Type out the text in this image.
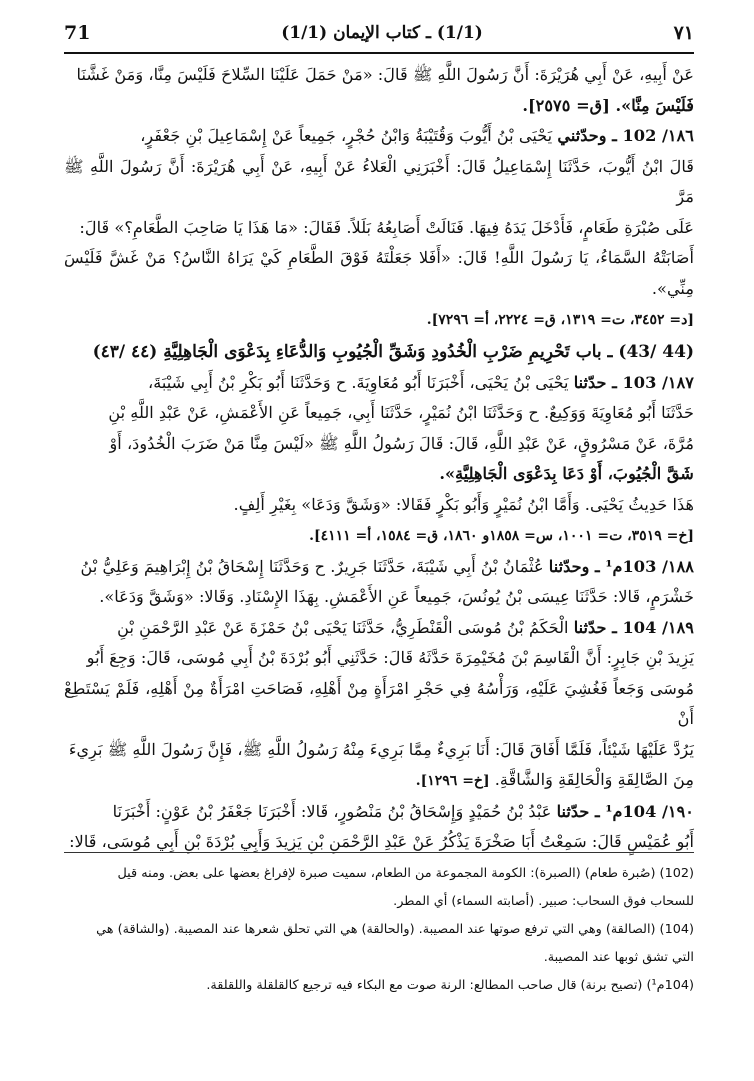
71	(1/1) ـ كتاب الإيمان (1/1)	٧١

عَنْ أَبِيهِ، عَنْ أَبِي هُرَيْرَةَ: أَنَّ رَسُولَ اللَّهِ ﷺ قَالَ: «مَنْ حَمَلَ عَلَيْنَا السِّلاحَ فَلَيْسَ مِنَّا، وَمَنْ غَشَّنَا

فَلَيْسَ مِنَّا». [ق= ٢٥٧٥].

١٨٦/ 102 ـ وحدّثني يَحْيَى بْنُ أَيُّوبَ وَقُتَيْبَةُ وَابْنُ حُجْرٍ، جَمِيعاً عَنْ إِسْمَاعِيلَ بْنِ جَعْفَرٍ،

قَالَ ابْنُ أَيُّوبَ، حَدَّثَنَا إِسْمَاعِيلُ قَالَ: أَخْبَرَنِي الْعَلاءُ عَنْ أَبِيهِ، عَنْ أَبِي هُرَيْرَةَ: أَنَّ رَسُولَ اللَّهِ ﷺ مَرَّ

عَلَى صُبْرَةِ طَعَامٍ، فَأَدْخَلَ يَدَهُ فِيهَا. فَنَالَتْ أَصَابِعُهُ بَلَلاً. فَقَالَ: «مَا هَذَا يَا صَاحِبَ الطَّعَامِ؟» قَالَ:

أَصَابَتْهُ السَّمَاءُ، يَا رَسُولَ اللَّهِ! قَالَ: «أَفَلا جَعَلْتَهُ فَوْقَ الطَّعَامِ كَيْ يَرَاهُ النَّاسُ؟ مَنْ غَشَّ فَلَيْسَ مِنِّي».

[د= ٣٤٥٢، ت= ١٣١٩، ق= ٢٢٢٤، أ= ٧٢٩٦].

(44 /43) ـ باب تَحْرِيمِ ضَرْبِ الْخُدُودِ وَشَقِّ الْجُيُوبِ وَالدُّعَاءِ بِدَعْوَى الْجَاهِلِيَّةِ (٤٤ /٤٣)

١٨٧/ 103 ـ حدّثنا يَحْيَى بْنُ يَحْيَى، أَخْبَرَنَا أَبُو مُعَاوِيَةَ. ح وَحَدَّثَنَا أَبُو بَكْرِ بْنُ أَبِي شَيْبَةَ،

حَدَّثَنَا أَبُو مُعَاوِيَةَ وَوَكِيعٌ. ح وَحَدَّثَنَا ابْنُ نُمَيْرٍ، حَدَّثَنَا أَبِي، جَمِيعاً عَنِ الأَعْمَشِ، عَنْ عَبْدِ اللَّهِ بْنِ

مُرَّةَ، عَنْ مَسْرُوقٍ، عَنْ عَبْدِ اللَّهِ، قَالَ: قَالَ رَسُولُ اللَّهِ ﷺ «لَيْسَ مِنَّا مَنْ ضَرَبَ الْخُدُودَ، أَوْ

شَقَّ الْجُيُوبَ، أَوْ دَعَا بِدَعْوَى الْجَاهِلِيَّةِ».

هَذَا حَدِيثُ يَحْيَى. وَأَمَّا ابْنُ نُمَيْرٍ وَأَبُو بَكْرٍ فَقَالا: «وَشَقَّ وَدَعَا» بِغَيْرِ أَلِفٍ.

[خ= ٣٥١٩، ت= ١٠٠١، س= ١٨٥٨و ١٨٦٠، ق= ١٥٨٤، أ= ٤١١١].

١٨٨/ 103م¹ ـ وحدّثنا عُثْمَانُ بْنُ أَبِي شَيْبَةَ، حَدَّثَنَا جَرِيرٌ. ح وَحَدَّثَنَا إِسْحَاقُ بْنُ إِبْرَاهِيمَ وَعَلِيُّ بْنُ

خَشْرَمٍ، قَالا: حَدَّثَنَا عِيسَى بْنُ يُونُسَ، جَمِيعاً عَنِ الأَعْمَشِ. بِهَذَا الإِسْنَادِ. وَقَالا: «وَشَقَّ وَدَعَا».

١٨٩/ 104 ـ حدّثنا الْحَكَمُ بْنُ مُوسَى الْقَنْطَرِيُّ، حَدَّثَنَا يَحْيَى بْنُ حَمْزَةَ عَنْ عَبْدِ الرَّحْمَنِ بْنِ

يَزِيدَ بْنِ جَابِرٍ: أَنَّ الْقَاسِمَ بْنَ مُخَيْمِرَةَ حَدَّثَهُ قَالَ: حَدَّثَنِي أَبُو بُرْدَةَ بْنُ أَبِي مُوسَى، قَالَ: وَجِعَ أَبُو

مُوسَى وَجَعاً فَغُشِيَ عَلَيْهِ، وَرَأْسُهُ فِي حَجْرِ امْرَأَةٍ مِنْ أَهْلِهِ، فَصَاحَتِ امْرَأَةٌ مِنْ أَهْلِهِ، فَلَمْ يَسْتَطِعْ أَنْ

يَرُدَّ عَلَيْهَا شَيْئاً، فَلَمَّا أَفَاقَ قَالَ: أَنَا بَرِيءٌ مِمَّا بَرِيءَ مِنْهُ رَسُولُ اللَّهِ ﷺ، فَإِنَّ رَسُولَ اللَّهِ ﷺ بَرِيءَ

مِنَ الصَّالِقَةِ وَالْحَالِقَةِ وَالشَّاقَّةِ. [خ= ١٢٩٦].

١٩٠/ 104م¹ ـ حدّثنا عَبْدُ بْنُ حُمَيْدٍ وَإِسْحَاقُ بْنُ مَنْصُورٍ، قَالا: أَخْبَرَنَا جَعْفَرُ بْنُ عَوْنٍ: أَخْبَرَنَا

أَبُو عُمَيْسٍ قَالَ: سَمِعْتُ أَبَا صَخْرَةَ يَذْكُرُ عَنْ عَبْدِ الرَّحْمَنِ بْنِ يَزِيدَ وَأَبِي بُرْدَةَ بْنِ أَبِي مُوسَى، قَالا:

(102) (صُبرة طعام) (الصبرة): الكومة المجموعة من الطعام، سميت صبرة لإفراغ بعضها على بعض. ومنه قيل

للسحاب فوق السحاب: صبير. (أصابته السماء) أي المطر.

(104) (الصالقة) وهي التي ترفع صوتها عند المصيبة. (والحالقة) هي التي تحلق شعرها عند المصيبة. (والشاقة) هي

التي تشق ثوبها عند المصيبة.

(104م¹) (تصيح برنة) قال صاحب المطالع: الرنة صوت مع البكاء فيه ترجيع كالقلقلة واللقلقة.
